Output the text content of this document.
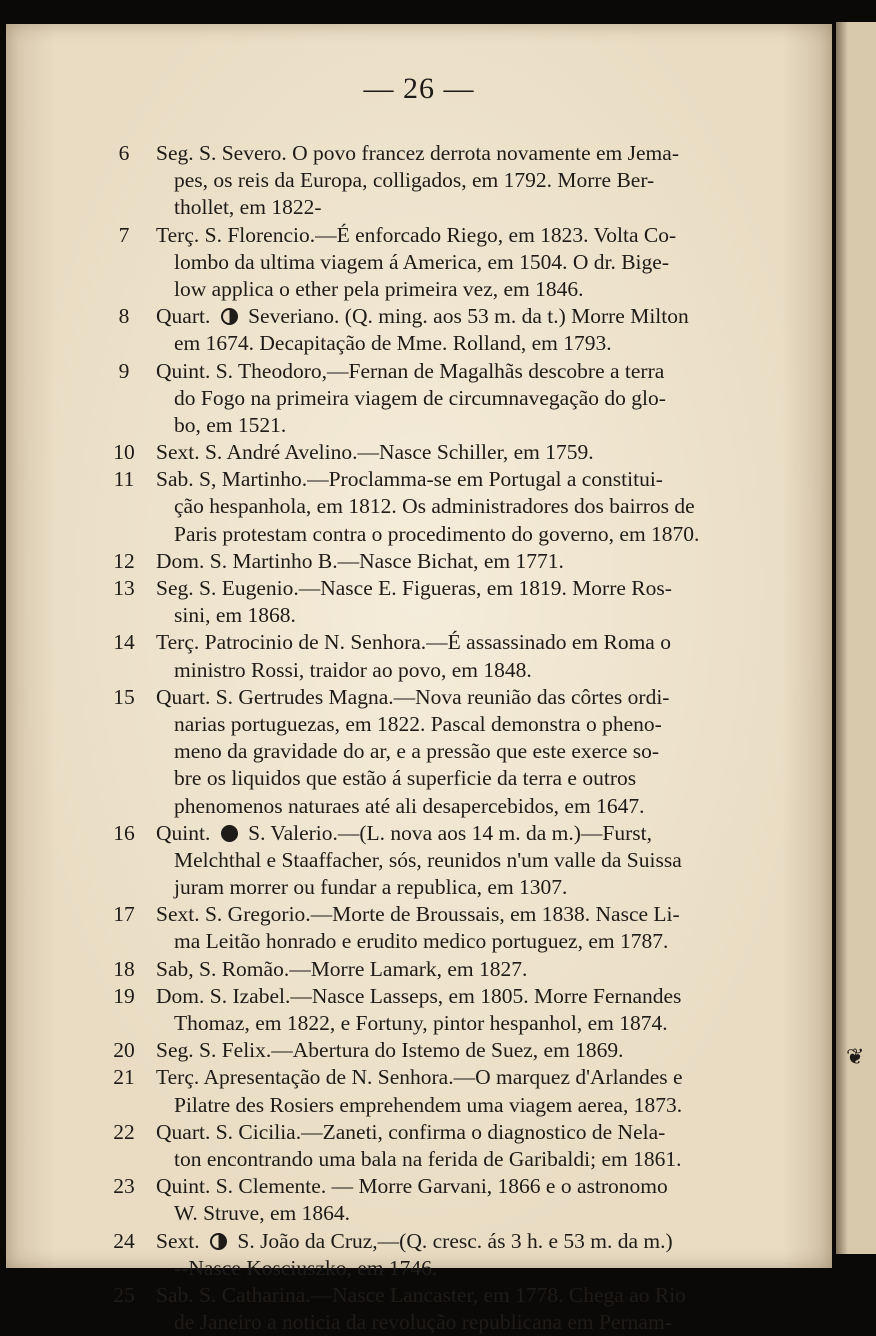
— 26 —
6	Seg. S. Severo. O povo francez derrota novamente em Jema-
pes, os reis da Europa, colligados, em 1792. Morre Ber-
thollet, em 1822-
7	Terç. S. Florencio.—É enforcado Riego, em 1823. Volta Co-
lombo da ultima viagem á America, em 1504. O dr. Bige-
low applica o ether pela primeira vez, em 1846.
8	Quart.  Severiano. (Q. ming. aos 53 m. da t.) Morre Milton
em 1674. Decapitação de Mme. Rolland, em 1793.
9	Quint. S. Theodoro,—Fernan de Magalhãs descobre a terra
do Fogo na primeira viagem de circumnavegação do glo-
bo, em 1521.
10 Sext. S. André Avelino.—Nasce Schiller, em 1759.
11	Sab. S, Martinho.—Proclamma-se em Portugal a constitui-
ção hespanhola, em 1812. Os administradores dos bairros de
Paris protestam contra o procedimento do governo, em 1870.
12 Dom. S. Martinho B.—Nasce Bichat, em 1771.
13 Seg. S. Eugenio.—Nasce E. Figueras, em 1819. Morre Ros-
sini, em 1868.
14 Terç. Patrocinio de N. Senhora.—É assassinado em Roma o
ministro Rossi, traidor ao povo, em 1848.
15 Quart. S. Gertrudes Magna.—Nova reunião das côrtes ordi-
narias portuguezas, em 1822. Pascal demonstra o pheno-
meno da gravidade do ar, e a pressão que este exerce so-
bre os liquidos que estão á superficie da terra e outros
phenomenos naturaes até ali desapercebidos, em 1647.
16 Quint.  S. Valerio.—(L. nova aos 14 m. da m.)—Furst,
Melchthal e Staaffacher, sós, reunidos n'um valle da Suissa
juram morrer ou fundar a republica, em 1307.
17 Sext. S. Gregorio.—Morte de Broussais, em 1838. Nasce Li-
ma Leitão honrado e erudito medico portuguez, em 1787.
18 Sab, S. Romão.—Morre Lamark, em 1827.
19 Dom. S. Izabel.—Nasce Lasseps, em 1805. Morre Fernandes
Thomaz, em 1822, e Fortuny, pintor hespanhol, em 1874.
20 Seg. S. Felix.—Abertura do Istemo de Suez, em 1869.
21 Terç. Apresentação de N. Senhora.—O marquez d'Arlandes e
Pilatre des Rosiers emprehendem uma viagem aerea, 1873.
22 Quart. S. Cicilia.—Zaneti, confirma o diagnostico de Nela-
ton encontrando uma bala na ferida de Garibaldi; em 1861.
23 Quint. S. Clemente. — Morre Garvani, 1866 e o astronomo
W. Struve, em 1864.
24 Sext.  S. João da Cruz,—(Q. cresc. ás 3 h. e 53 m. da m.)
--Nasce Kosciuszko, em 1746.
25 Sab. S. Catharina.—Nasce Lancaster, em 1778. Chega ao Rio
de Janeiro a noticia da revolução republicana em Pernam-
❦
